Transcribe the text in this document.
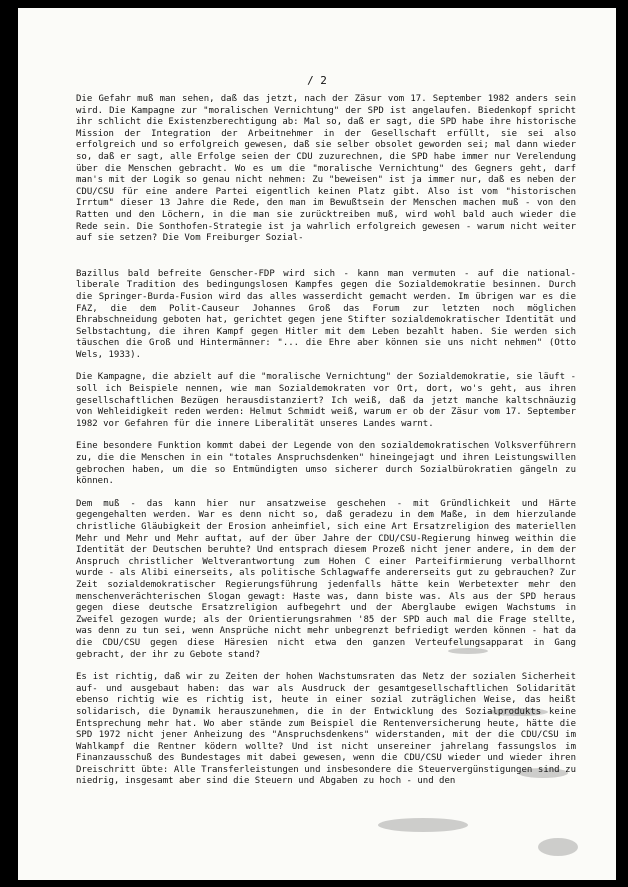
/ 2

Die Gefahr muß man sehen, daß das jetzt, nach der Zäsur vom 17. September 1982 anders sein wird. Die Kampagne zur "moralischen Vernichtung" der SPD ist angelaufen. Biedenkopf spricht ihr schlicht die Existenzberechtigung ab: Mal so, daß er sagt, die SPD habe ihre historische Mission der Integration der Arbeitnehmer in der Gesellschaft erfüllt, sie sei also erfolgreich und so erfolgreich gewesen, daß sie selber obsolet geworden sei; mal dann wieder so, daß er sagt, alle Erfolge seien der CDU zuzurechnen, die SPD habe immer nur Verelendung über die Menschen gebracht. Wo es um die "moralische Vernichtung" des Gegners geht, darf man's mit der Logik so genau nicht nehmen: Zu "beweisen" ist ja immer nur, daß es neben der CDU/CSU für eine andere Partei eigentlich keinen Platz gibt. Also ist vom "historischen Irrtum" dieser 13 Jahre die Rede, den man im Bewußtsein der Menschen machen muß - von den Ratten und den Löchern, in die man sie zurücktreiben muß, wird wohl bald auch wieder die Rede sein. Die Sonthofen-Strategie ist ja wahrlich erfolgreich gewesen - warum nicht weiter auf sie setzen? Die Vom Freiburger Sozial-

Bazillus bald befreite Genscher-FDP wird sich - kann man vermuten - auf die national-liberale Tradition des bedingungslosen Kampfes gegen die Sozialdemokratie besinnen. Durch die Springer-Burda-Fusion wird das alles wasserdicht gemacht werden. Im übrigen war es die FAZ, die dem Polit-Causeur Johannes Groß das Forum zur letzten noch möglichen Ehrabschneidung geboten hat, gerichtet gegen jene Stifter sozialdemokratischer Identität und Selbstachtung, die ihren Kampf gegen Hitler mit dem Leben bezahlt haben. Sie werden sich täuschen die Groß und Hintermänner: "... die Ehre aber können sie uns nicht nehmen" (Otto Wels, 1933).

Die Kampagne, die abzielt auf die "moralische Vernichtung" der Sozialdemokratie, sie läuft - soll ich Beispiele nennen, wie man Sozialdemokraten vor Ort, dort, wo's geht, aus ihren gesellschaftlichen Bezügen herausdistanziert? Ich weiß, daß da jetzt manche kaltschnäuzig von Wehleidigkeit reden werden: Helmut Schmidt weiß, warum er ob der Zäsur vom 17. September 1982 vor Gefahren für die innere Liberalität unseres Landes warnt.

Eine besondere Funktion kommt dabei der Legende von den sozialdemokratischen Volksverführern zu, die die Menschen in ein "totales Anspruchsdenken" hineingejagt und ihren Leistungswillen gebrochen haben, um die so Entmündigten umso sicherer durch Sozialbürokratien gängeln zu können.

Dem muß - das kann hier nur ansatzweise geschehen - mit Gründlichkeit und Härte gegengehalten werden. War es denn nicht so, daß geradezu in dem Maße, in dem hierzulande christliche Gläubigkeit der Erosion anheimfiel, sich eine Art Ersatzreligion des materiellen Mehr und Mehr und Mehr auftat, auf der über Jahre der CDU/CSU-Regierung hinweg weithin die Identität der Deutschen beruhte? Und entsprach diesem Prozeß nicht jener andere, in dem der Anspruch christlicher Weltverantwortung zum Hohen C einer Parteifirmierung verballhornt wurde - als Alibi einerseits, als politische Schlagwaffe andererseits gut zu gebrauchen? Zur Zeit sozialdemokratischer Regierungsführung jedenfalls hätte kein Werbetexter mehr den menschenverächterischen Slogan gewagt: Haste was, dann biste was. Als aus der SPD heraus gegen diese deutsche Ersatzreligion aufbegehrt und der Aberglaube ewigen Wachstums in Zweifel gezogen wurde; als der Orientierungsrahmen '85 der SPD auch mal die Frage stellte, was denn zu tun sei, wenn Ansprüche nicht mehr unbegrenzt befriedigt werden können - hat da die CDU/CSU gegen diese Häresien nicht etwa den ganzen Verteufelungsapparat in Gang gebracht, der ihr zu Gebote stand?

Es ist richtig, daß wir zu Zeiten der hohen Wachstumsraten das Netz der sozialen Sicherheit auf- und ausgebaut haben: das war als Ausdruck der gesamtgesellschaftlichen Solidarität ebenso richtig wie es richtig ist, heute in einer sozial zuträglichen Weise, das heißt solidarisch, die Dynamik herauszunehmen, die in der Entwicklung des Sozialprodukts keine Entsprechung mehr hat. Wo aber stände zum Beispiel die Rentenversicherung heute, hätte die SPD 1972 nicht jener Anheizung des "Anspruchsdenkens" widerstanden, mit der die CDU/CSU im Wahlkampf die Rentner ködern wollte? Und ist nicht unsereiner jahrelang fassungslos im Finanzausschuß des Bundestages mit dabei gewesen, wenn die CDU/CSU wieder und wieder ihren Dreischritt übte: Alle Transferleistungen und insbesondere die Steuervergünstigungen sind zu niedrig, insgesamt aber sind die Steuern und Abgaben zu hoch - und den
